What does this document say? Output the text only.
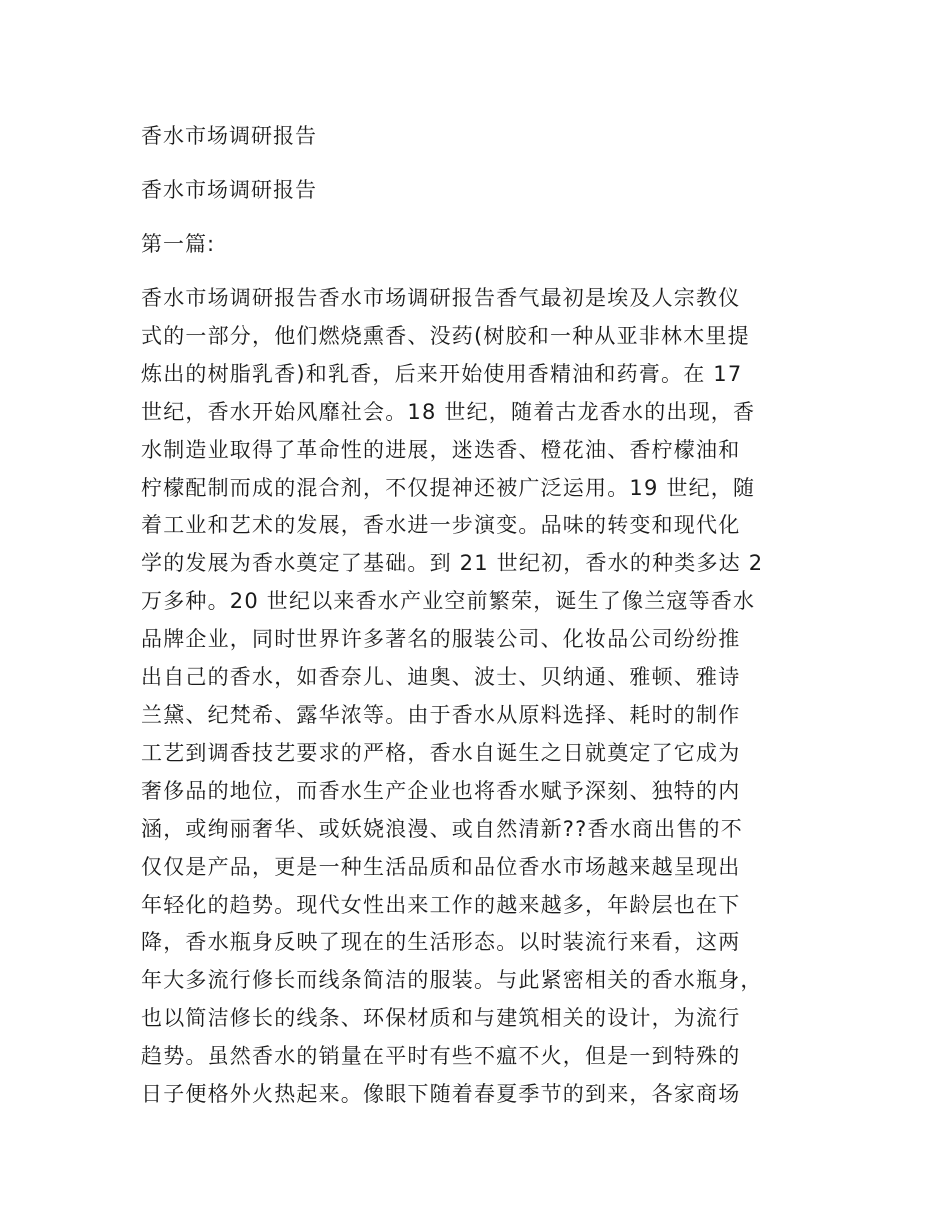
香水市场调研报告

香水市场调研报告

第一篇:

香水市场调研报告香水市场调研报告香气最初是埃及人宗教仪
式的一部分，他们燃烧熏香、没药(树胶和一种从亚非林木里提
炼出的树脂乳香)和乳香，后来开始使用香精油和药膏。在 17
世纪，香水开始风靡社会。18 世纪，随着古龙香水的出现，香
水制造业取得了革命性的进展，迷迭香、橙花油、香柠檬油和
柠檬配制而成的混合剂，不仅提神还被广泛运用。19 世纪，随
着工业和艺术的发展，香水进一步演变。品味的转变和现代化
学的发展为香水奠定了基础。到 21 世纪初，香水的种类多达 2
万多种。20 世纪以来香水产业空前繁荣，诞生了像兰寇等香水
品牌企业，同时世界许多著名的服装公司、化妆品公司纷纷推
出自己的香水，如香奈儿、迪奥、波士、贝纳通、雅顿、雅诗
兰黛、纪梵希、露华浓等。由于香水从原料选择、耗时的制作
工艺到调香技艺要求的严格，香水自诞生之日就奠定了它成为
奢侈品的地位，而香水生产企业也将香水赋予深刻、独特的内
涵，或绚丽奢华、或妖娆浪漫、或自然清新??香水商出售的不
仅仅是产品，更是一种生活品质和品位香水市场越来越呈现出
年轻化的趋势。现代女性出来工作的越来越多，年龄层也在下
降，香水瓶身反映了现在的生活形态。以时装流行来看，这两
年大多流行修长而线条简洁的服装。与此紧密相关的香水瓶身，
也以简洁修长的线条、环保材质和与建筑相关的设计，为流行
趋势。虽然香水的销量在平时有些不瘟不火，但是一到特殊的
日子便格外火热起来。像眼下随着春夏季节的到来，各家商场
